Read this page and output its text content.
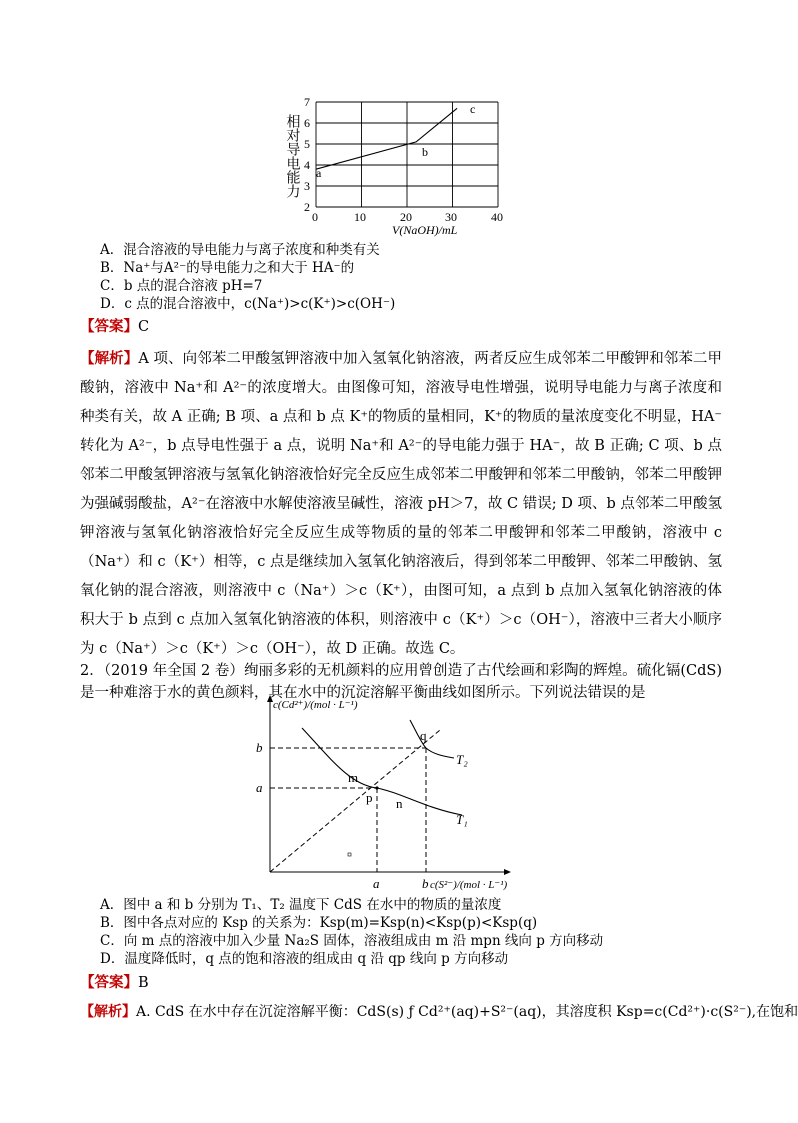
7
6
5
4
3
2
0	10	20	30	40
V(NaOH)/mL
a
b
c
相对导电能力
A．混合溶液的导电能力与离子浓度和种类有关
B．Na⁺与A²⁻的导电能力之和大于 HA⁻的
C．b 点的混合溶液 pH=7
D．c 点的混合溶液中，c(Na⁺)>c(K⁺)>c(OH⁻)
【答案】C
【解析】A 项、向邻苯二甲酸氢钾溶液中加入氢氧化钠溶液，两者反应生成邻苯二甲酸钾和邻苯二甲酸钠，溶液中 Na⁺和 A²⁻的浓度增大。由图像可知，溶液导电性增强，说明导电能力与离子浓度和种类有关，故 A 正确; B 项、a 点和 b 点 K⁺的物质的量相同，K⁺的物质的量浓度变化不明显，HA⁻转化为 A²⁻，b 点导电性强于 a 点，说明 Na⁺和 A²⁻的导电能力强于 HA⁻，故 B 正确; C 项、b 点邻苯二甲酸氢钾溶液与氢氧化钠溶液恰好完全反应生成邻苯二甲酸钾和邻苯二甲酸钠，邻苯二甲酸钾为强碱弱酸盐，A²⁻在溶液中水解使溶液呈碱性，溶液 pH＞7，故 C 错误; D 项、b 点邻苯二甲酸氢钾溶液与氢氧化钠溶液恰好完全反应生成等物质的量的邻苯二甲酸钾和邻苯二甲酸钠，溶液中 c（Na⁺）和 c（K⁺）相等，c 点是继续加入氢氧化钠溶液后，得到邻苯二甲酸钾、邻苯二甲酸钠、氢氧化钠的混合溶液，则溶液中 c（Na⁺）＞c（K⁺），由图可知，a 点到 b 点加入氢氧化钠溶液的体积大于 b 点到 c 点加入氢氧化钠溶液的体积，则溶液中 c（K⁺）＞c（OH⁻），溶液中三者大小顺序为 c（Na⁺）＞c（K⁺）＞c（OH⁻），故 D 正确。故选 C。
2．（2019 年全国 2 卷）绚丽多彩的无机颜料的应用曾创造了古代绘画和彩陶的辉煌。硫化镉(CdS)是一种难溶于水的黄色颜料，其在水中的沉淀溶解平衡曲线如图所示。下列说法错误的是
c(Cd²⁺)/(mol · L⁻¹)
c(S²⁻)/(mol · L⁻¹)
b
a
a	b
m
n
p
q
T₂
T₁
A．图中 a 和 b 分别为 T₁、T₂ 温度下 CdS 在水中的物质的量浓度
B．图中各点对应的 Ksp 的关系为：Ksp(m)=Ksp(n)<Ksp(p)<Ksp(q)
C．向 m 点的溶液中加入少量 Na₂S 固体，溶液组成由 m 沿 mpn 线向 p 方向移动
D．温度降低时，q 点的饱和溶液的组成由 q 沿 qp 线向 p 方向移动
【答案】B
【解析】A. CdS 在水中存在沉淀溶解平衡：CdS(s) ƒ Cd²⁺(aq)+S²⁻(aq)，其溶度积 Ksp=c(Cd²⁺)·c(S²⁻),在饱和
